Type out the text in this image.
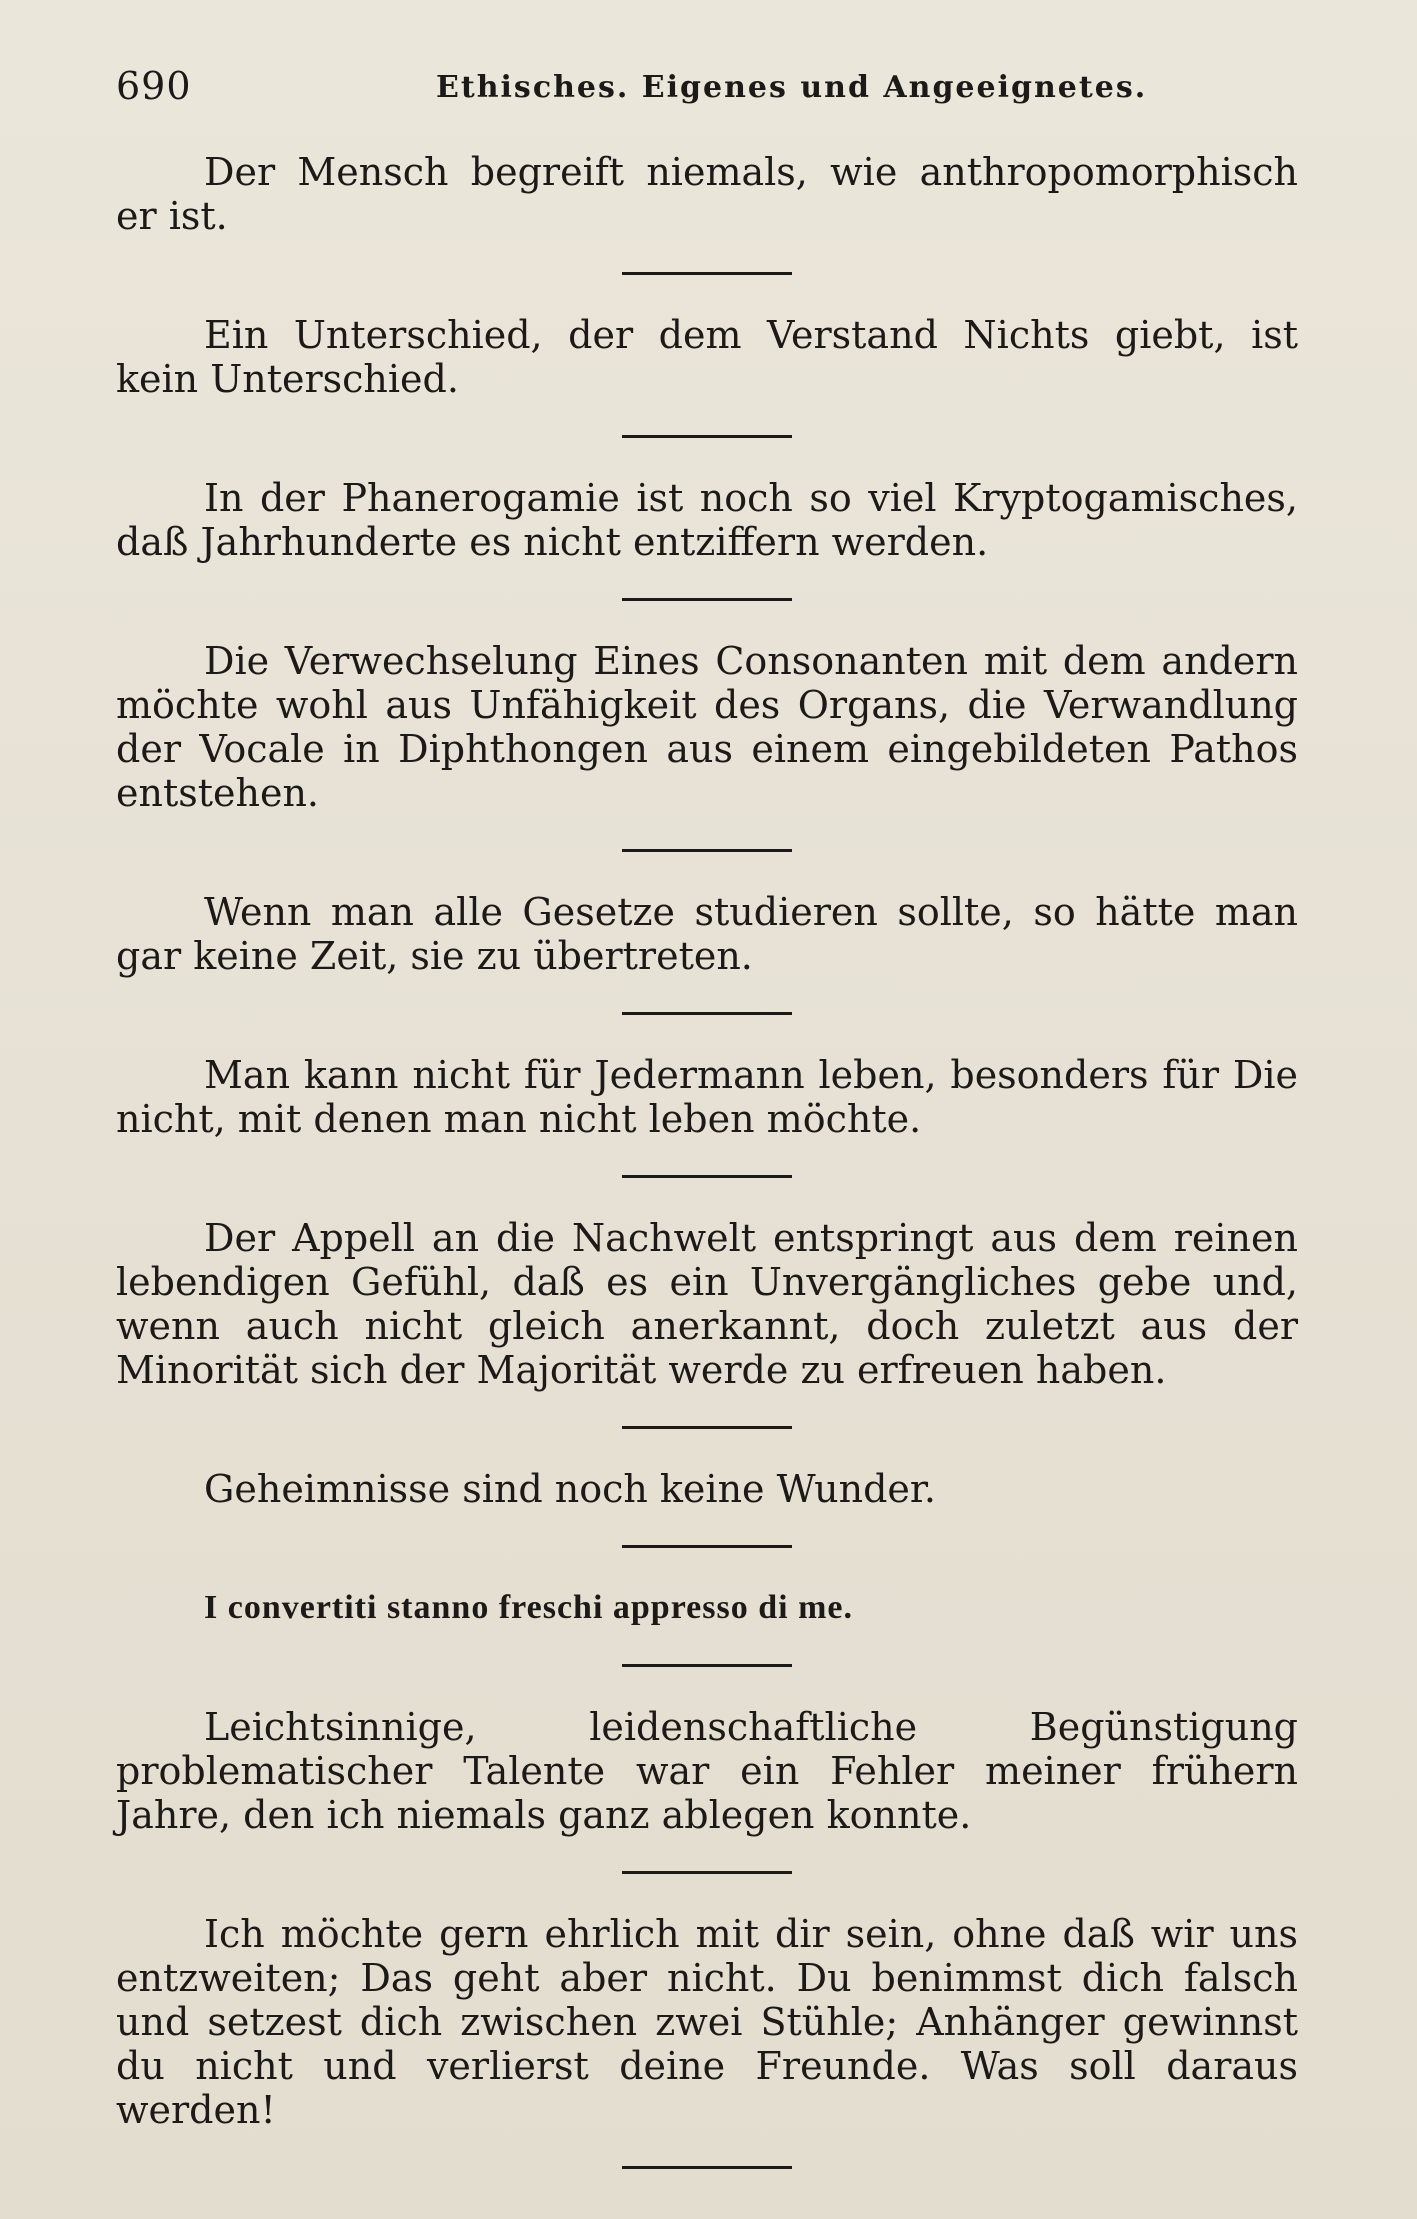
690	Ethisches. Eigenes und Angeeignetes.

Der Mensch begreift niemals, wie anthropomorphisch er ist.

Ein Unterschied, der dem Verstand Nichts giebt, ist kein Unterschied.

In der Phanerogamie ist noch so viel Kryptogamisches, daß Jahrhunderte es nicht entziffern werden.

Die Verwechselung Eines Consonanten mit dem andern möchte wohl aus Unfähigkeit des Organs, die Verwandlung der Vocale in Diphthongen aus einem eingebildeten Pathos entstehen.

Wenn man alle Gesetze studieren sollte, so hätte man gar keine Zeit, sie zu übertreten.

Man kann nicht für Jedermann leben, besonders für Die nicht, mit denen man nicht leben möchte.

Der Appell an die Nachwelt entspringt aus dem reinen lebendigen Gefühl, daß es ein Unvergängliches gebe und, wenn auch nicht gleich anerkannt, doch zuletzt aus der Minorität sich der Majorität werde zu erfreuen haben.

Geheimnisse sind noch keine Wunder.

I convertiti stanno freschi appresso di me.

Leichtsinnige, leidenschaftliche Begünstigung problematischer Talente war ein Fehler meiner frühern Jahre, den ich niemals ganz ablegen konnte.

Ich möchte gern ehrlich mit dir sein, ohne daß wir uns entzweiten; Das geht aber nicht. Du benimmst dich falsch und setzest dich zwischen zwei Stühle; Anhänger gewinnst du nicht und verlierst deine Freunde. Was soll daraus werden!
